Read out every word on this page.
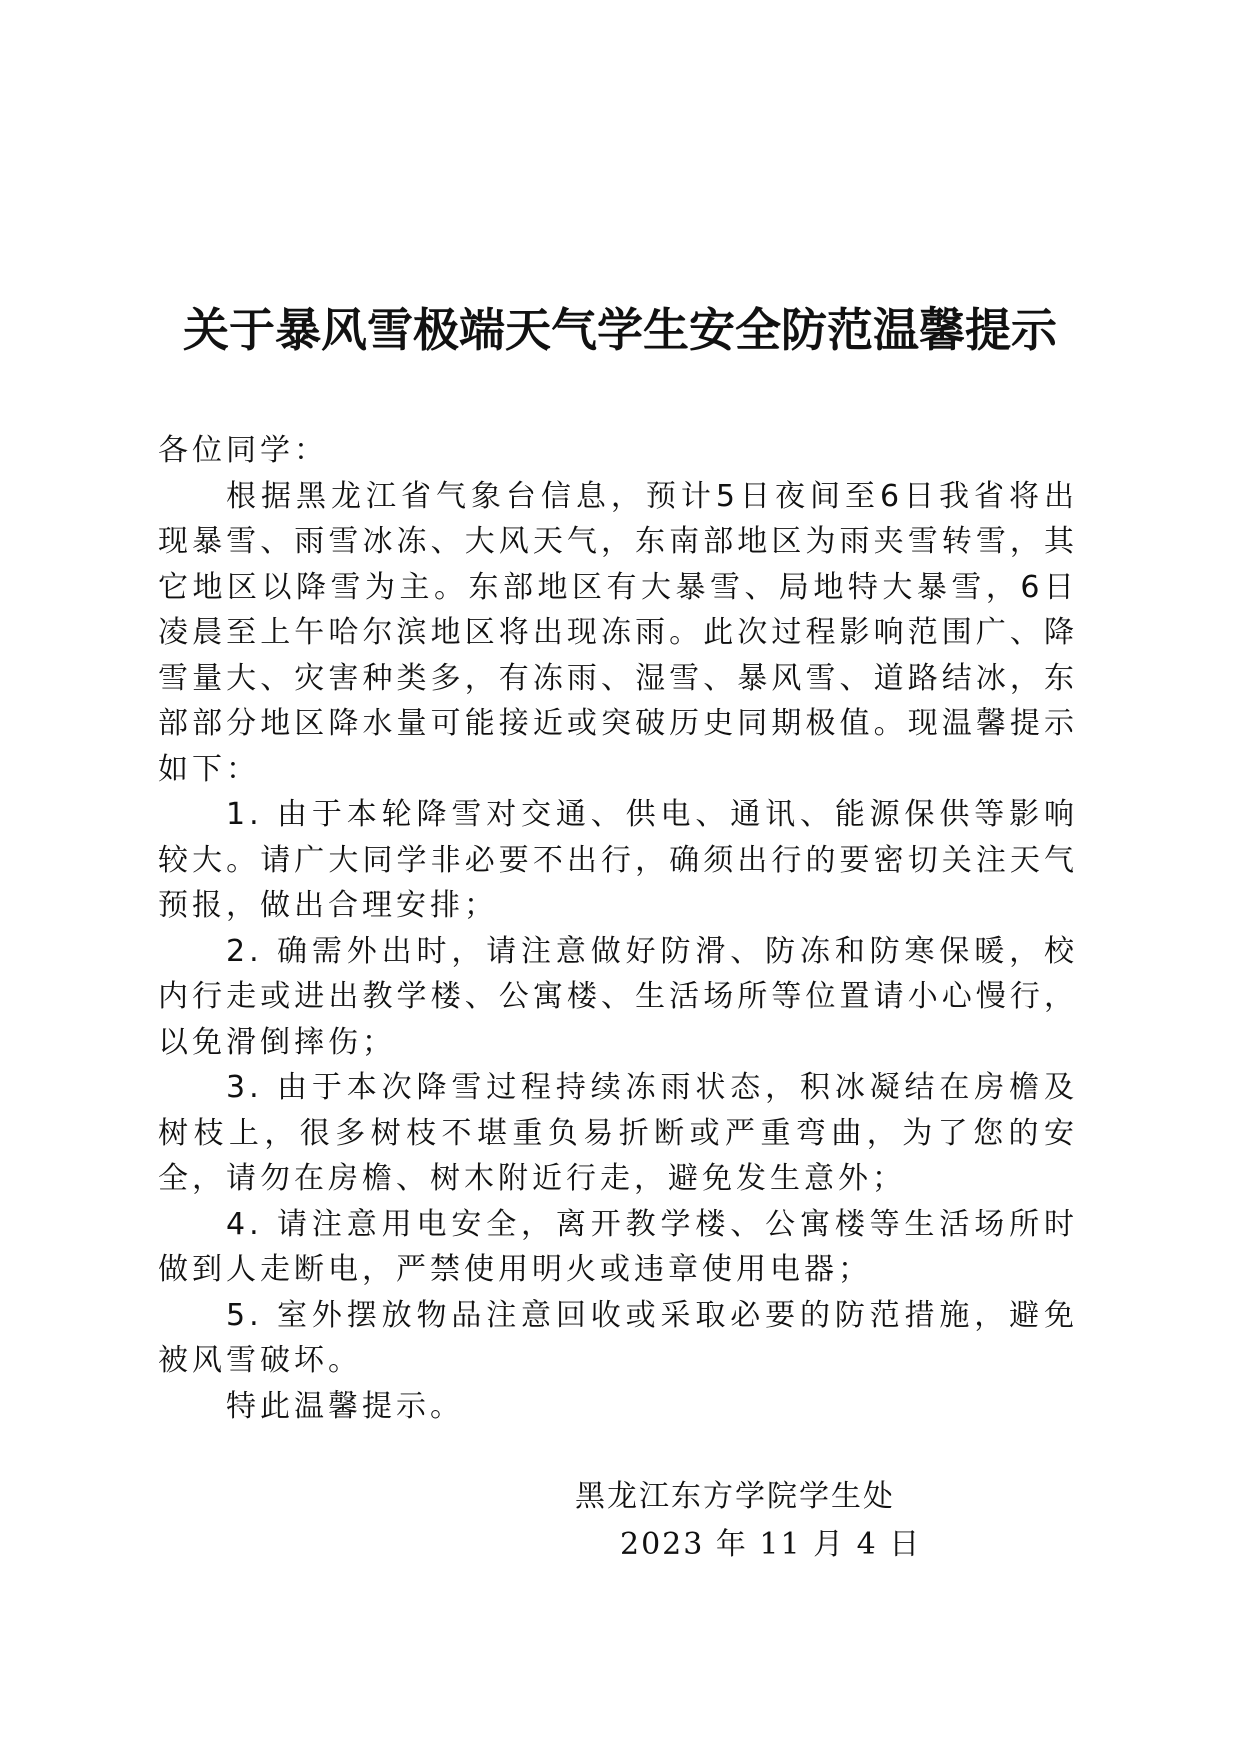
关于暴风雪极端天气学生安全防范温馨提示

各位同学：

根据黑龙江省气象台信息，预计5日夜间至6日我省将出现暴雪、雨雪冰冻、大风天气，东南部地区为雨夹雪转雪，其它地区以降雪为主。东部地区有大暴雪、局地特大暴雪，6日凌晨至上午哈尔滨地区将出现冻雨。此次过程影响范围广、降雪量大、灾害种类多，有冻雨、湿雪、暴风雪、道路结冰，东部部分地区降水量可能接近或突破历史同期极值。现温馨提示如下：

1. 由于本轮降雪对交通、供电、通讯、能源保供等影响较大。请广大同学非必要不出行，确须出行的要密切关注天气预报，做出合理安排；

2. 确需外出时，请注意做好防滑、防冻和防寒保暖，校内行走或进出教学楼、公寓楼、生活场所等位置请小心慢行，以免滑倒摔伤；

3. 由于本次降雪过程持续冻雨状态，积冰凝结在房檐及树枝上，很多树枝不堪重负易折断或严重弯曲，为了您的安全，请勿在房檐、树木附近行走，避免发生意外；

4. 请注意用电安全，离开教学楼、公寓楼等生活场所时做到人走断电，严禁使用明火或违章使用电器；

5. 室外摆放物品注意回收或采取必要的防范措施，避免被风雪破坏。

特此温馨提示。

黑龙江东方学院学生处

2023 年 11 月 4 日
